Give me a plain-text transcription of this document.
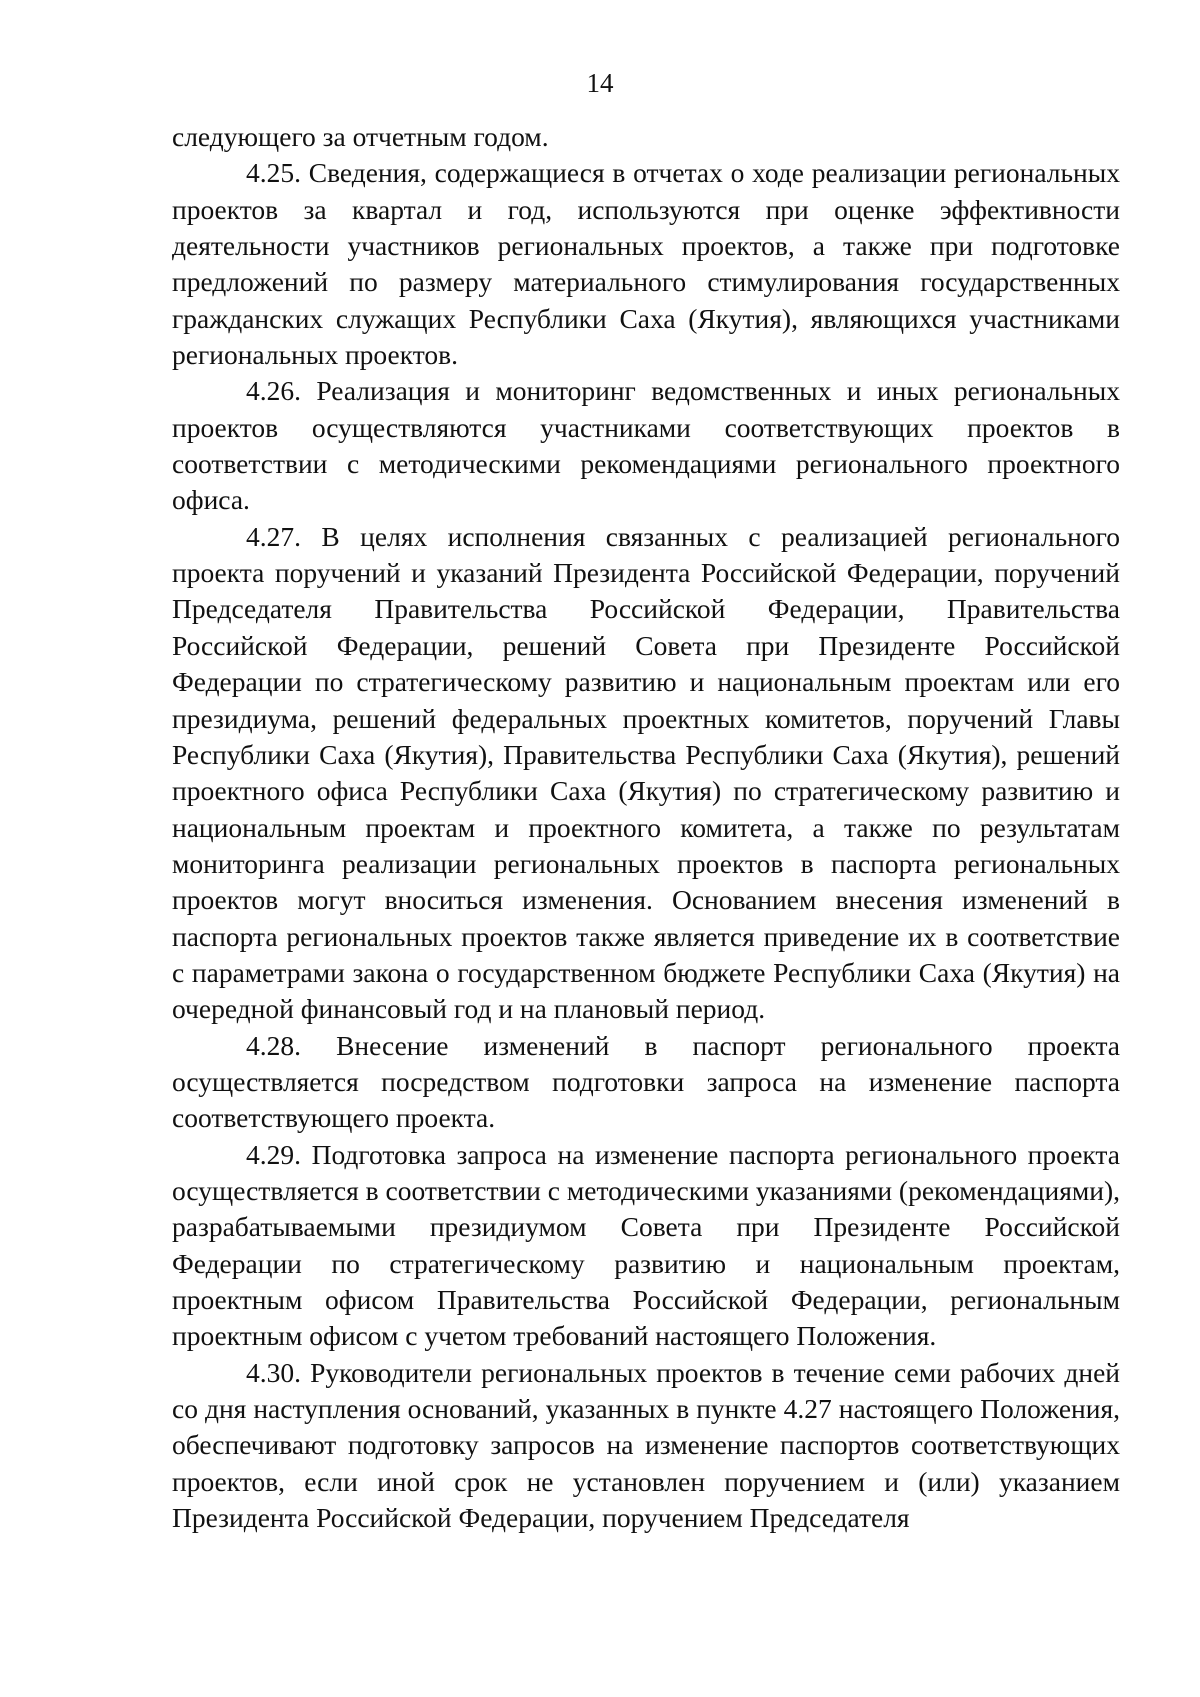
14

следующего за отчетным годом.

4.25. Сведения, содержащиеся в отчетах о ходе реализации региональных проектов за квартал и год, используются при оценке эффективности деятельности участников региональных проектов, а также при подготовке предложений по размеру материального стимулирования государственных гражданских служащих Республики Саха (Якутия), являющихся участниками региональных проектов.

4.26. Реализация и мониторинг ведомственных и иных региональных проектов осуществляются участниками соответствующих проектов в соответствии с методическими рекомендациями регионального проектного офиса.

4.27. В целях исполнения связанных с реализацией регионального проекта поручений и указаний Президента Российской Федерации, поручений Председателя Правительства Российской Федерации, Правительства Российской Федерации, решений Совета при Президенте Российской Федерации по стратегическому развитию и национальным проектам или его президиума, решений федеральных проектных комитетов, поручений Главы Республики Саха (Якутия), Правительства Республики Саха (Якутия), решений проектного офиса Республики Саха (Якутия) по стратегическому развитию и национальным проектам и проектного комитета, а также по результатам мониторинга реализации региональных проектов в паспорта региональных проектов могут вноситься изменения. Основанием внесения изменений в паспорта региональных проектов также является приведение их в соответствие с параметрами закона о государственном бюджете Республики Саха (Якутия) на очередной финансовый год и на плановый период.

4.28. Внесение изменений в паспорт регионального проекта осуществляется посредством подготовки запроса на изменение паспорта соответствующего проекта.

4.29. Подготовка запроса на изменение паспорта регионального проекта осуществляется в соответствии с методическими указаниями (рекомендациями), разрабатываемыми президиумом Совета при Президенте Российской Федерации по стратегическому развитию и национальным проектам, проектным офисом Правительства Российской Федерации, региональным проектным офисом с учетом требований настоящего Положения.

4.30. Руководители региональных проектов в течение семи рабочих дней со дня наступления оснований, указанных в пункте 4.27 настоящего Положения, обеспечивают подготовку запросов на изменение паспортов соответствующих проектов, если иной срок не установлен поручением и (или) указанием Президента Российской Федерации, поручением Председателя
